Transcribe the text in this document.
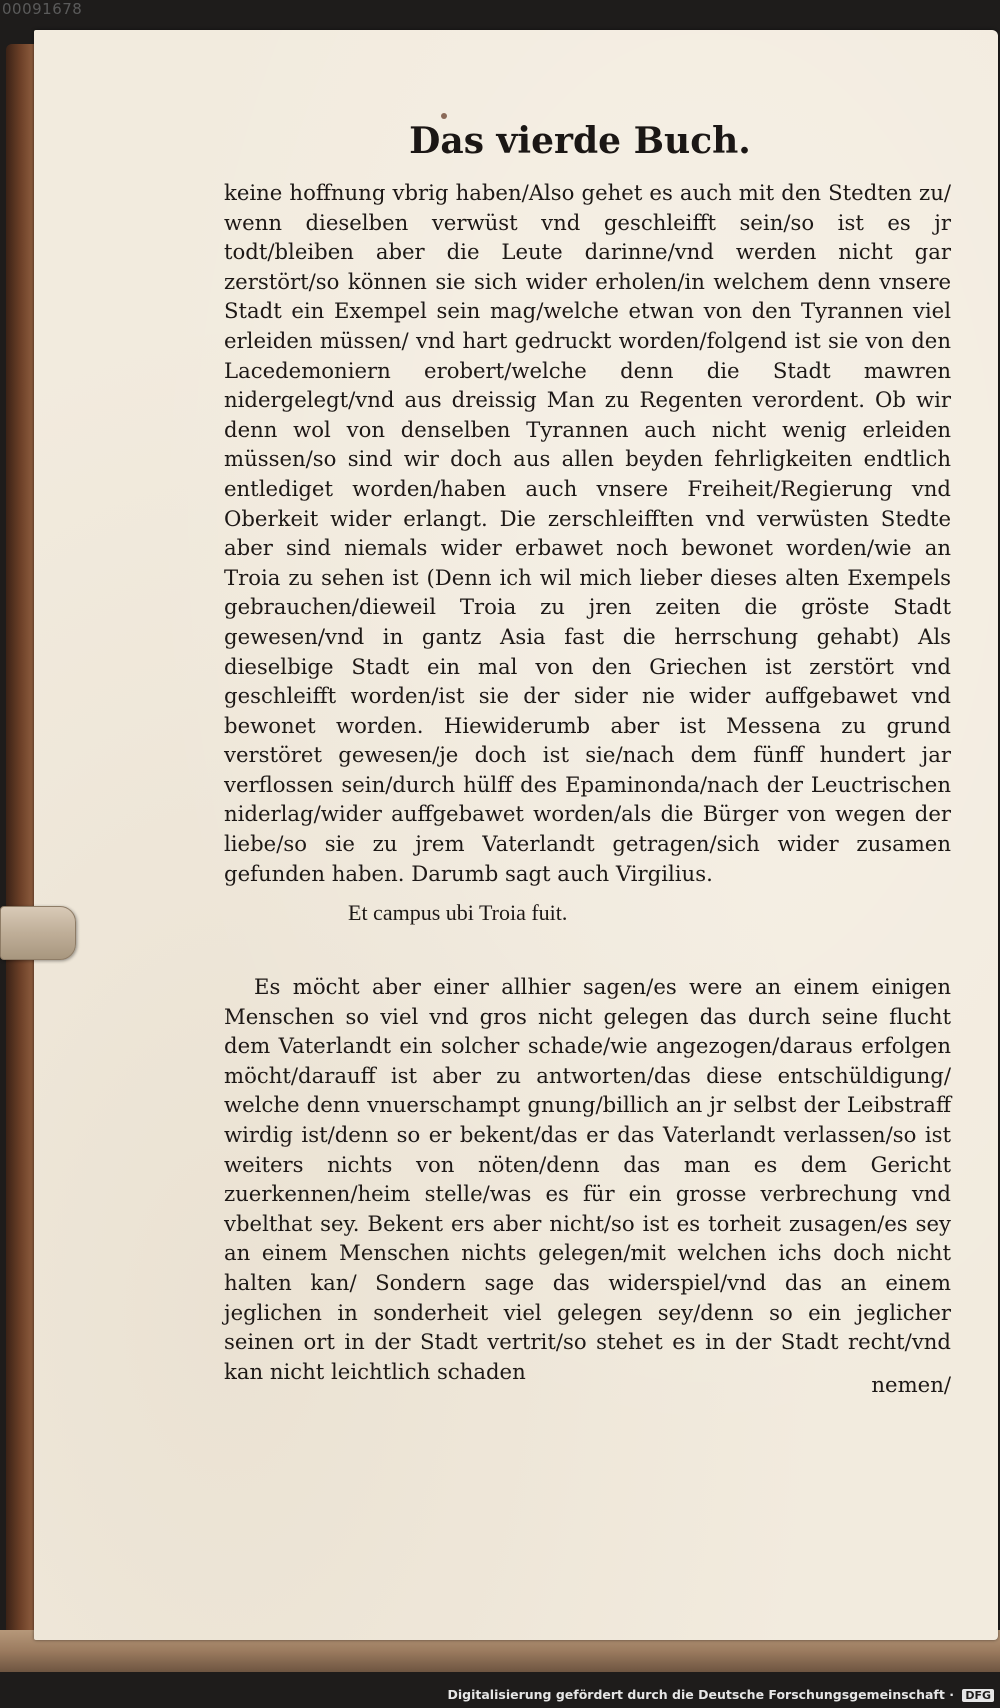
00091678
Das vierde Buch.

keine hoffnung vbrig haben/Also gehet es auch mit den Stedten zu/ wenn dieselben verwüst vnd geschleifft sein/so ist es jr todt/bleiben aber die Leute darinne/vnd werden nicht gar zerstört/so können sie sich wider erholen/in welchem denn vnsere Stadt ein Exempel sein mag/welche etwan von den Tyrannen viel erleiden müssen/ vnd hart gedruckt worden/folgend ist sie von den Lacedemoniern erobert/welche denn die Stadt mawren nidergelegt/vnd aus dreissig Man zu Regenten verordent. Ob wir denn wol von denselben Tyrannen auch nicht wenig erleiden müssen/so sind wir doch aus allen beyden fehrligkeiten endtlich entlediget worden/haben auch vnsere Freiheit/Regierung vnd Oberkeit wider erlangt. Die zerschleifften vnd verwüsten Stedte aber sind niemals wider erbawet noch bewonet worden/wie an Troia zu sehen ist (Denn ich wil mich lieber dieses alten Exempels gebrauchen/dieweil Troia zu jren zeiten die gröste Stadt gewesen/vnd in gantz Asia fast die herrschung gehabt) Als dieselbige Stadt ein mal von den Griechen ist zerstört vnd geschleifft worden/ist sie der sider nie wider auffgebawet vnd bewonet worden. Hiewiderumb aber ist Messena zu grund verstöret gewesen/je doch ist sie/nach dem fünff hundert jar verflossen sein/durch hülff des Epaminonda/nach der Leuctrischen niderlag/wider auffgebawet worden/als die Bürger von wegen der liebe/so sie zu jrem Vaterlandt getragen/sich wider zusamen gefunden haben. Darumb sagt auch Virgilius.

Et campus ubi Troia fuit.

Es möcht aber einer allhier sagen/es were an einem einigen Menschen so viel vnd gros nicht gelegen das durch seine flucht dem Vaterlandt ein solcher schade/wie angezogen/daraus erfolgen möcht/darauff ist aber zu antworten/das diese entschüldigung/ welche denn vnuerschampt gnung/billich an jr selbst der Leibstraff wirdig ist/denn so er bekent/das er das Vaterlandt verlassen/so ist weiters nichts von nöten/denn das man es dem Gericht zuerkennen/heim stelle/was es für ein grosse verbrechung vnd vbelthat sey. Bekent ers aber nicht/so ist es torheit zusagen/es sey an einem Menschen nichts gelegen/mit welchen ichs doch nicht halten kan/ Sondern sage das widerspiel/vnd das an einem jeglichen in sonderheit viel gelegen sey/denn so ein jeglicher seinen ort in der Stadt vertrit/so stehet es in der Stadt recht/vnd kan nicht leichtlich schaden

nemen/

Digitalisierung gefördert durch die Deutsche Forschungsgemeinschaft · DFG
